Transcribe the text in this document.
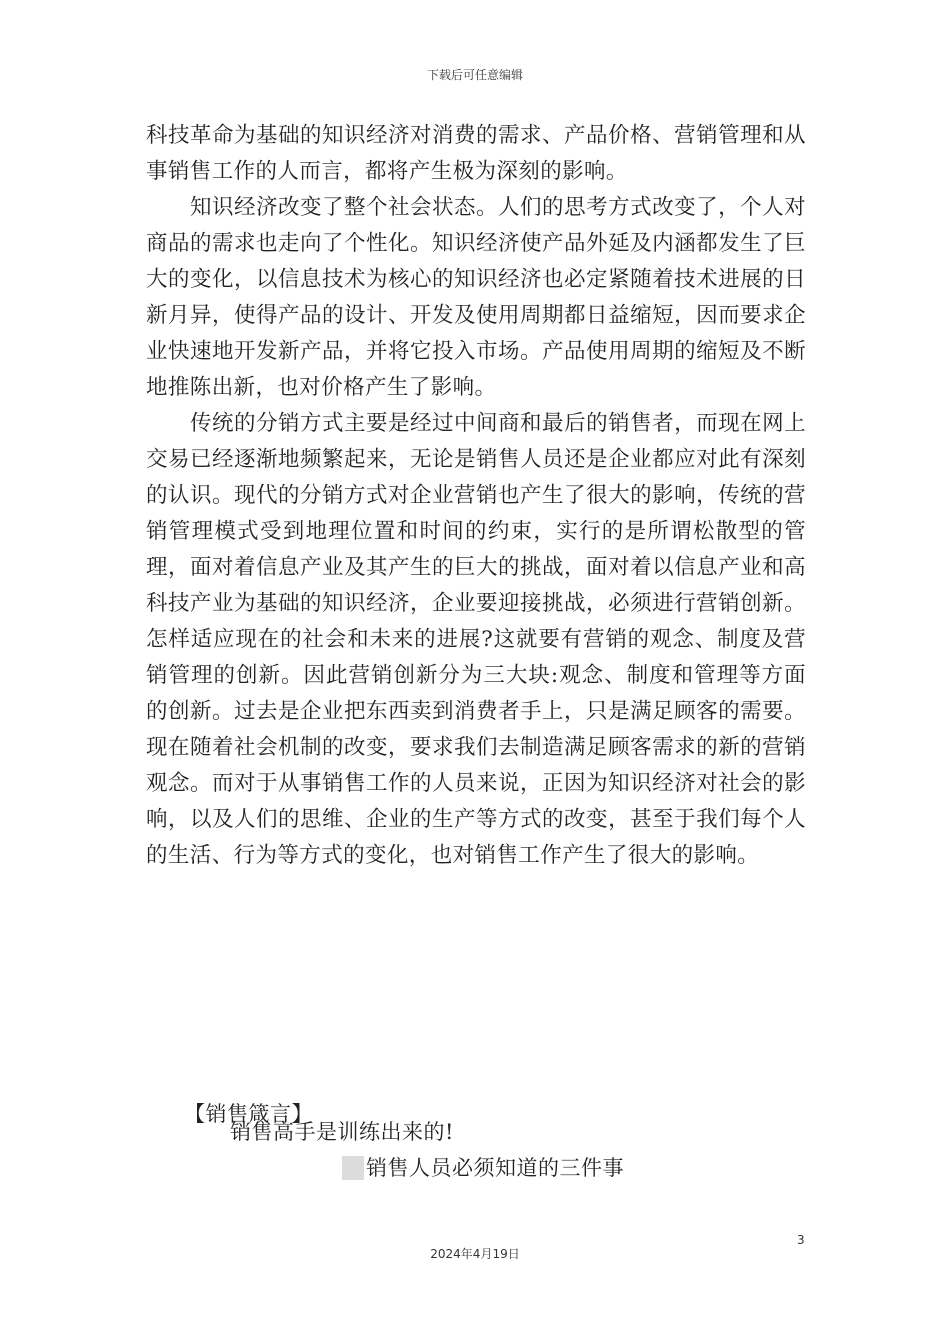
下载后可任意编辑

科技革命为基础的知识经济对消费的需求、产品价格、营销管理和从事销售工作的人而言，都将产生极为深刻的影响。

知识经济改变了整个社会状态。人们的思考方式改变了，个人对商品的需求也走向了个性化。知识经济使产品外延及内涵都发生了巨大的变化，以信息技术为核心的知识经济也必定紧随着技术进展的日新月异，使得产品的设计、开发及使用周期都日益缩短，因而要求企业快速地开发新产品，并将它投入市场。产品使用周期的缩短及不断地推陈出新，也对价格产生了影响。

传统的分销方式主要是经过中间商和最后的销售者，而现在网上交易已经逐渐地频繁起来，无论是销售人员还是企业都应对此有深刻的认识。现代的分销方式对企业营销也产生了很大的影响，传统的营销管理模式受到地理位置和时间的约束，实行的是所谓松散型的管理，面对着信息产业及其产生的巨大的挑战，面对着以信息产业和高科技产业为基础的知识经济，企业要迎接挑战，必须进行营销创新。怎样适应现在的社会和未来的进展?这就要有营销的观念、制度及营销管理的创新。因此营销创新分为三大块:观念、制度和管理等方面的创新。过去是企业把东西卖到消费者手上，只是满足顾客的需要。现在随着社会机制的改变，要求我们去制造满足顾客需求的新的营销观念。而对于从事销售工作的人员来说，正因为知识经济对社会的影响，以及人们的思维、企业的生产等方式的改变，甚至于我们每个人的生活、行为等方式的变化，也对销售工作产生了很大的影响。

【销售箴言】
销售高手是训练出来的!
销售人员必须知道的三件事
3
2024年4月19日
